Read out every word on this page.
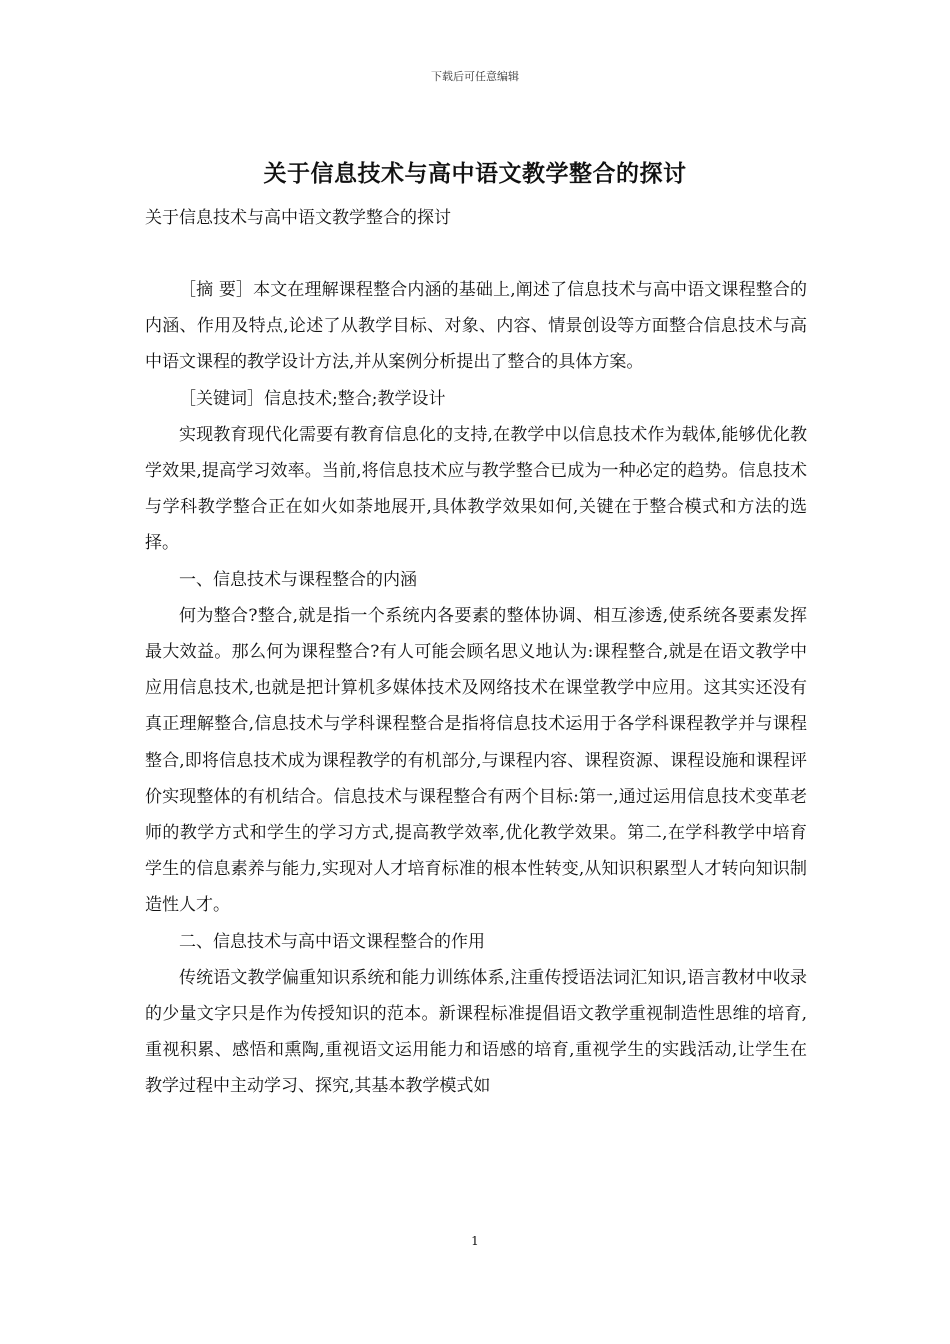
下载后可任意编辑
关于信息技术与高中语文教学整合的探讨
关于信息技术与高中语文教学整合的探讨

［摘 要］本文在理解课程整合内涵的基础上,阐述了信息技术与高中语文课程整合的内涵、作用及特点,论述了从教学目标、对象、内容、情景创设等方面整合信息技术与高中语文课程的教学设计方法,并从案例分析提出了整合的具体方案。

［关键词］信息技术;整合;教学设计

实现教育现代化需要有教育信息化的支持,在教学中以信息技术作为载体,能够优化教学效果,提高学习效率。当前,将信息技术应与教学整合已成为一种必定的趋势。信息技术与学科教学整合正在如火如荼地展开,具体教学效果如何,关键在于整合模式和方法的选择。

一、信息技术与课程整合的内涵

何为整合?整合,就是指一个系统内各要素的整体协调、相互渗透,使系统各要素发挥最大效益。那么何为课程整合?有人可能会顾名思义地认为:课程整合,就是在语文教学中应用信息技术,也就是把计算机多媒体技术及网络技术在课堂教学中应用。这其实还没有真正理解整合,信息技术与学科课程整合是指将信息技术运用于各学科课程教学并与课程整合,即将信息技术成为课程教学的有机部分,与课程内容、课程资源、课程设施和课程评价实现整体的有机结合。信息技术与课程整合有两个目标:第一,通过运用信息技术变革老师的教学方式和学生的学习方式,提高教学效率,优化教学效果。第二,在学科教学中培育学生的信息素养与能力,实现对人才培育标准的根本性转变,从知识积累型人才转向知识制造性人才。

二、信息技术与高中语文课程整合的作用

传统语文教学偏重知识系统和能力训练体系,注重传授语法词汇知识,语言教材中收录的少量文字只是作为传授知识的范本。新课程标准提倡语文教学重视制造性思维的培育,重视积累、感悟和熏陶,重视语文运用能力和语感的培育,重视学生的实践活动,让学生在教学过程中主动学习、探究,其基本教学模式如

1
